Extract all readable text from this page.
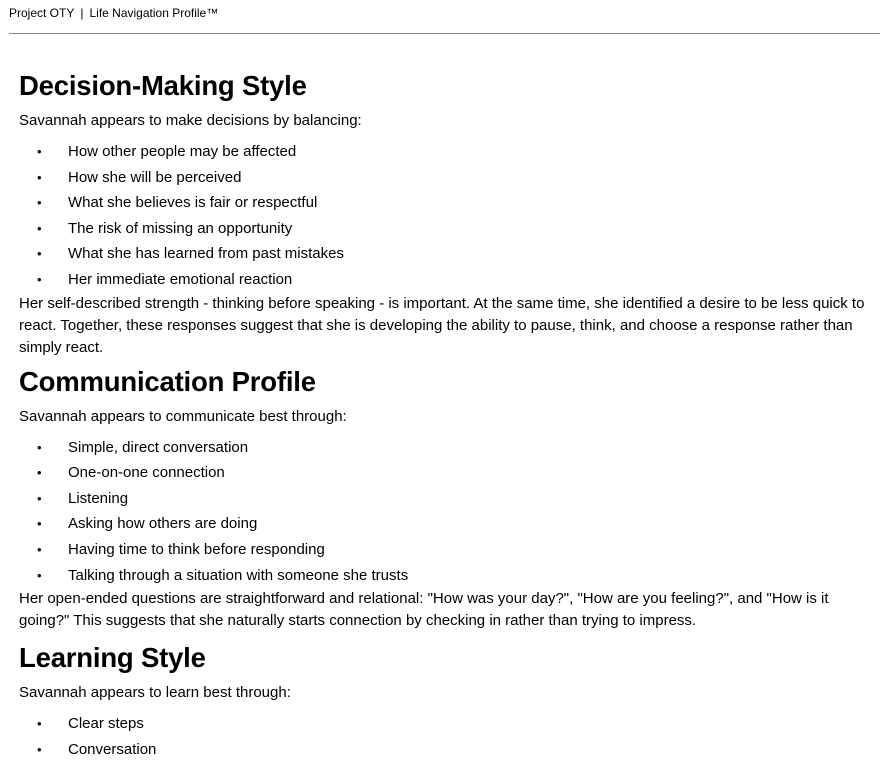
Project OTY | Life Navigation Profile™
Decision-Making Style

Savannah appears to make decisions by balancing:

• How other people may be affected
• How she will be perceived
• What she believes is fair or respectful
• The risk of missing an opportunity
• What she has learned from past mistakes
• Her immediate emotional reaction

Her self-described strength - thinking before speaking - is important. At the same time, she identified a desire to be less quick to react. Together, these responses suggest that she is developing the ability to pause, think, and choose a response rather than simply react.

Communication Profile

Savannah appears to communicate best through:

• Simple, direct conversation
• One-on-one connection
• Listening
• Asking how others are doing
• Having time to think before responding
• Talking through a situation with someone she trusts

Her open-ended questions are straightforward and relational: "How was your day?", "How are you feeling?", and "How is it going?" This suggests that she naturally starts connection by checking in rather than trying to impress.

Learning Style

Savannah appears to learn best through:

• Clear steps
• Conversation
